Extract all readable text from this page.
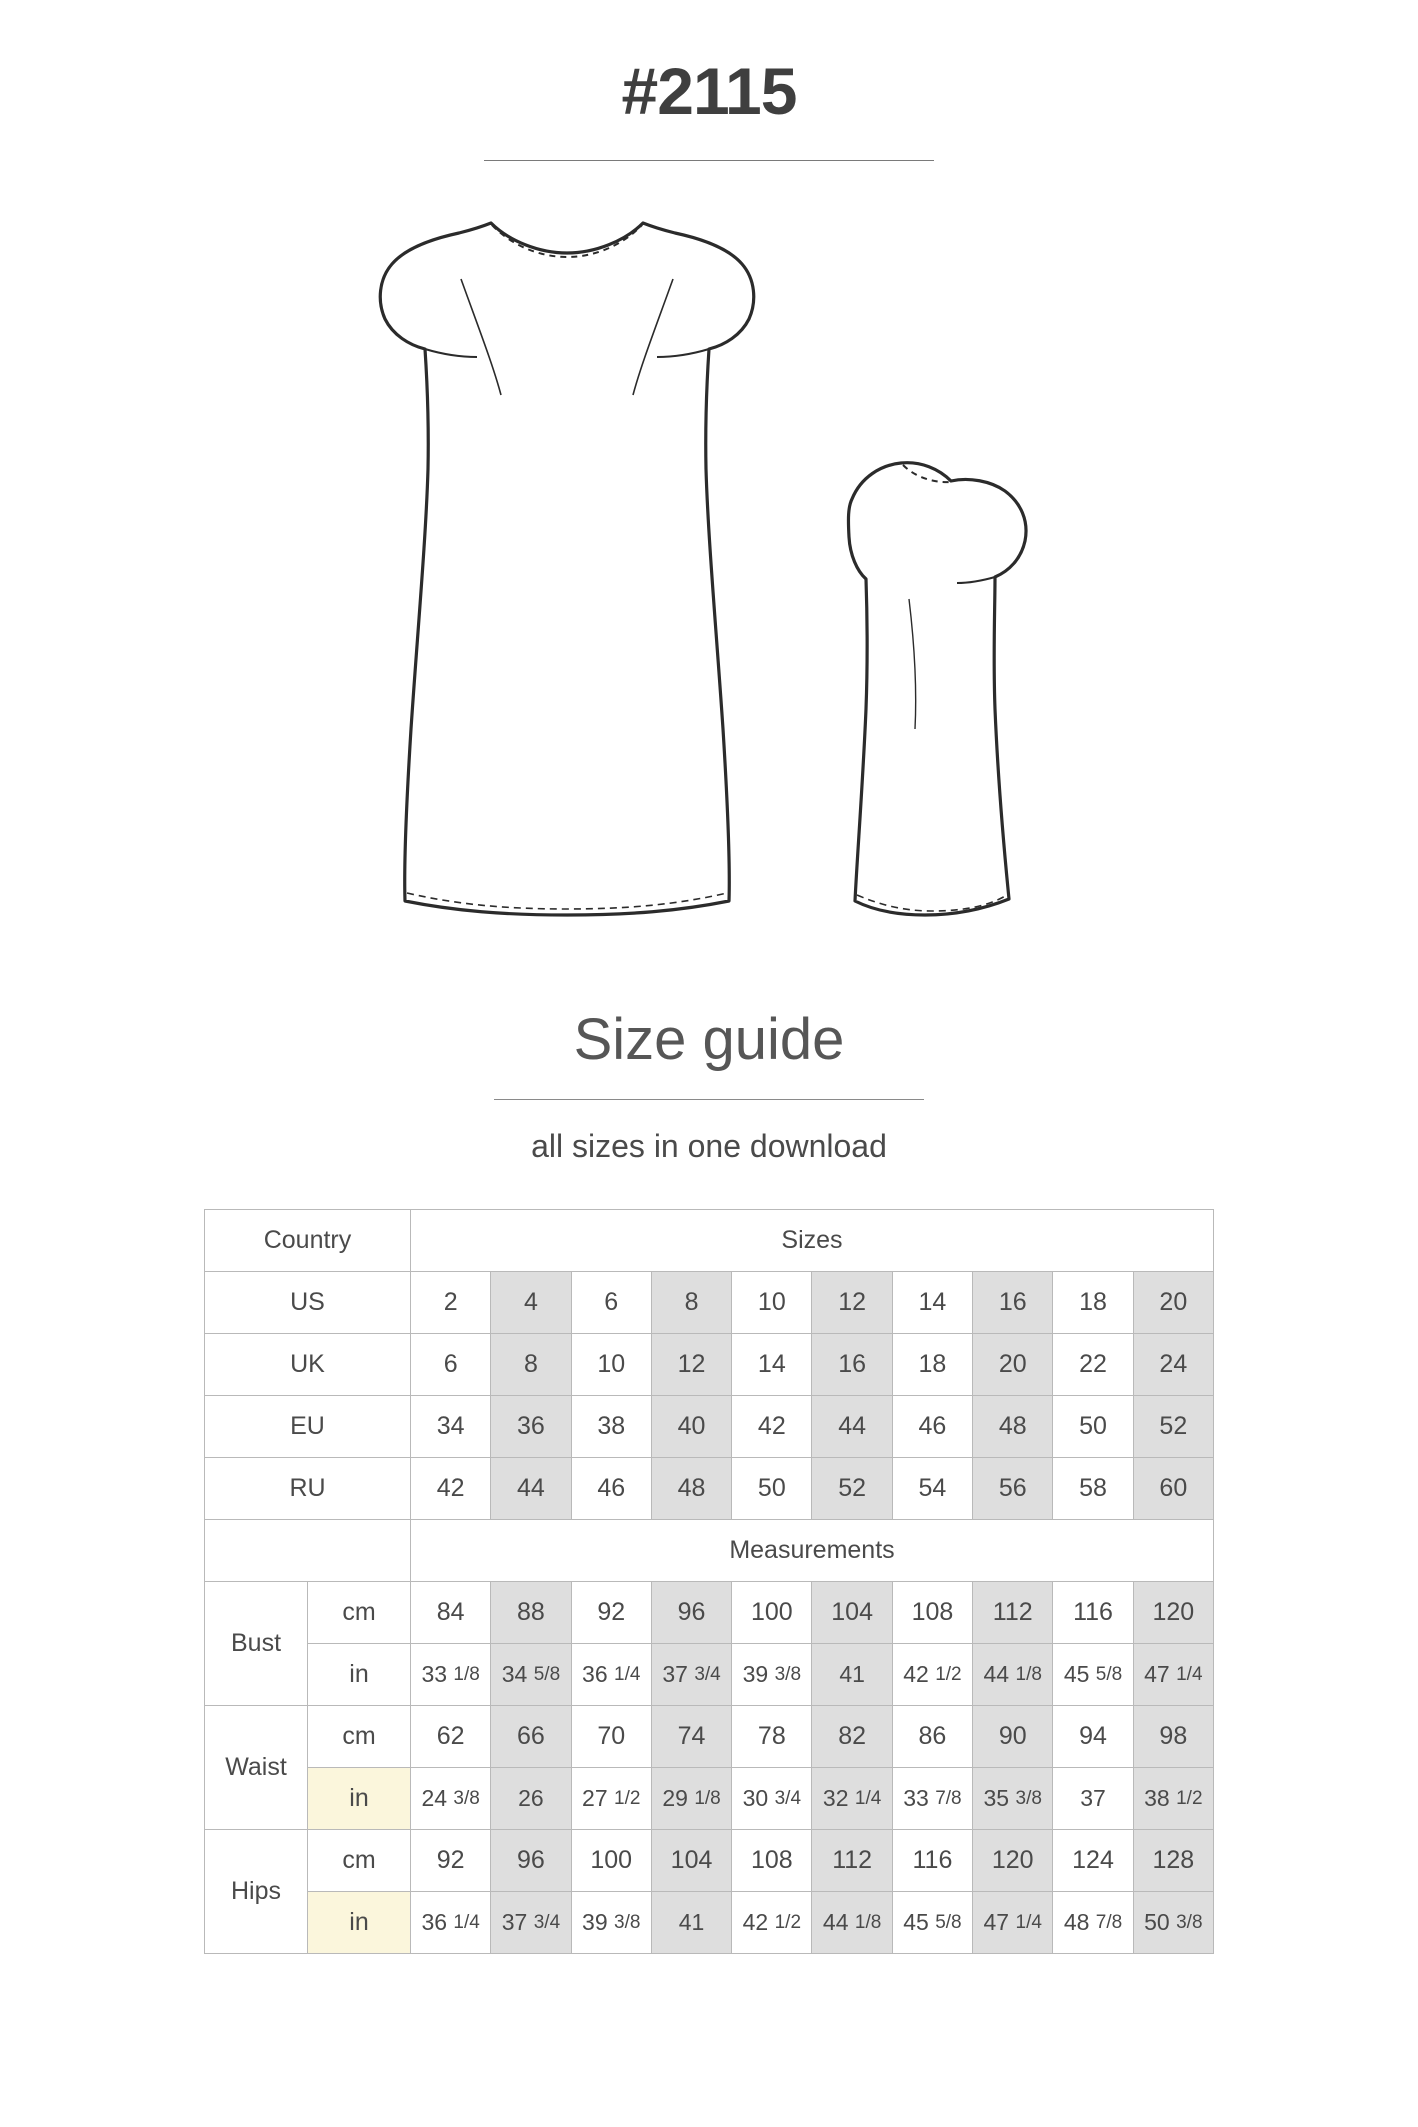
#2115
Size guide
all sizes in one download
Country		Sizes									
US		2	4	6	8	10	12	14	16	18	20
UK		6	8	10	12	14	16	18	20	22	24
EU		34	36	38	40	42	44	46	48	50	52
RU		42	44	46	48	50	52	54	56	58	60
		Measurements									
Bust	cm	84	88	92	96	100	104	108	112	116	120
	in	33 1/8	34 5/8	36 1/4	37 3/4	39 3/8	41	42 1/2	44 1/8	45 5/8	47 1/4
Waist	cm	62	66	70	74	78	82	86	90	94	98
	in	24 3/8	26	27 1/2	29 1/8	30 3/4	32 1/4	33 7/8	35 3/8	37	38 1/2
Hips	cm	92	96	100	104	108	112	116	120	124	128
	in	36 1/4	37 3/4	39 3/8	41	42 1/2	44 1/8	45 5/8	47 1/4	48 7/8	50 3/8
